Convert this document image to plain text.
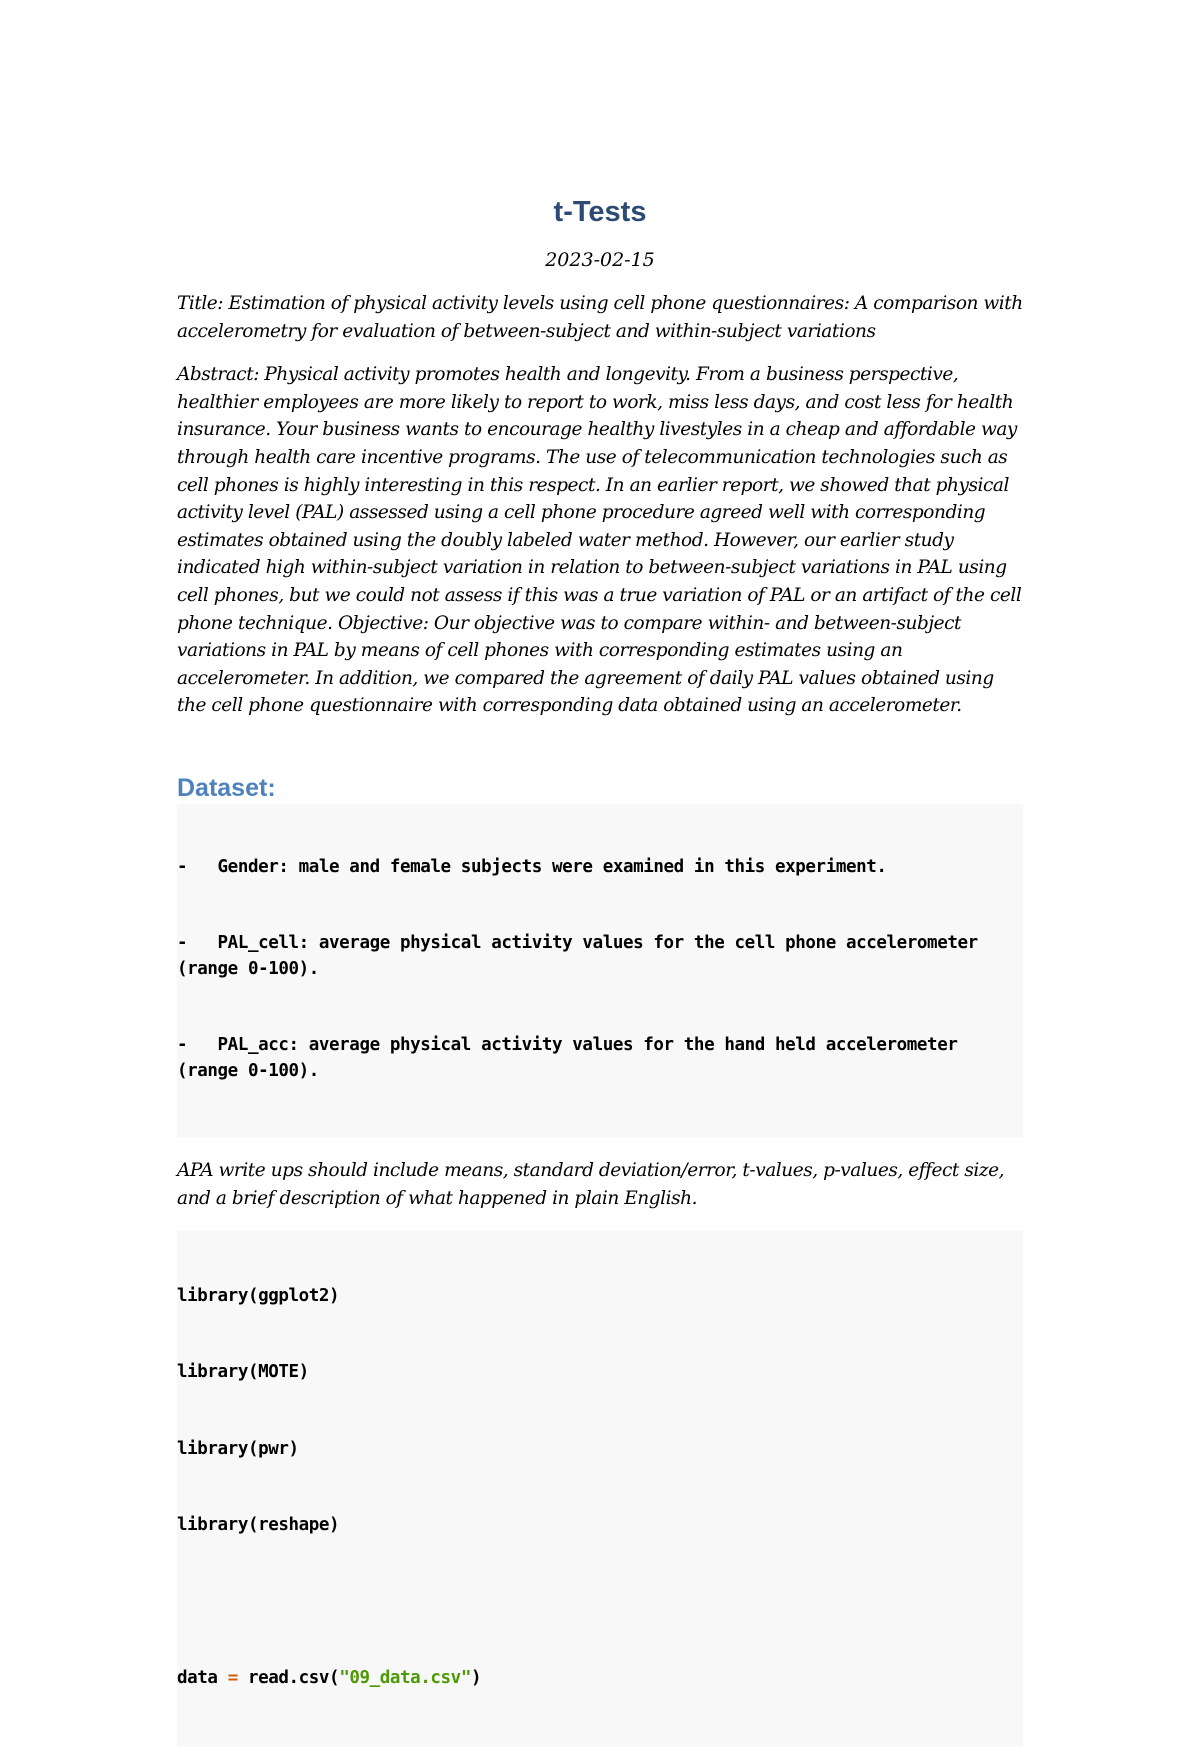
t-Tests

2023-02-15

Title: Estimation of physical activity levels using cell phone questionnaires: A comparison with accelerometry for evaluation of between-subject and within-subject variations

Abstract: Physical activity promotes health and longevity. From a business perspective, healthier employees are more likely to report to work, miss less days, and cost less for health insurance. Your business wants to encourage healthy livestyles in a cheap and affordable way through health care incentive programs. The use of telecommunication technologies such as cell phones is highly interesting in this respect. In an earlier report, we showed that physical activity level (PAL) assessed using a cell phone procedure agreed well with corresponding estimates obtained using the doubly labeled water method. However, our earlier study indicated high within-subject variation in relation to between-subject variations in PAL using cell phones, but we could not assess if this was a true variation of PAL or an artifact of the cell phone technique. Objective: Our objective was to compare within- and between-subject variations in PAL by means of cell phones with corresponding estimates using an accelerometer. In addition, we compared the agreement of daily PAL values obtained using the cell phone questionnaire with corresponding data obtained using an accelerometer.

Dataset:

-   Gender: male and female subjects were examined in this experiment.

-   PAL_cell: average physical activity values for the cell phone accelerometer (range 0-100).

-   PAL_acc: average physical activity values for the hand held accelerometer (range 0-100).

APA write ups should include means, standard deviation/error, t-values, p-values, effect size, and a brief description of what happened in plain English.

library(ggplot2)

library(MOTE)

library(pwr)

library(reshape)

data = read.csv("09_data.csv")
